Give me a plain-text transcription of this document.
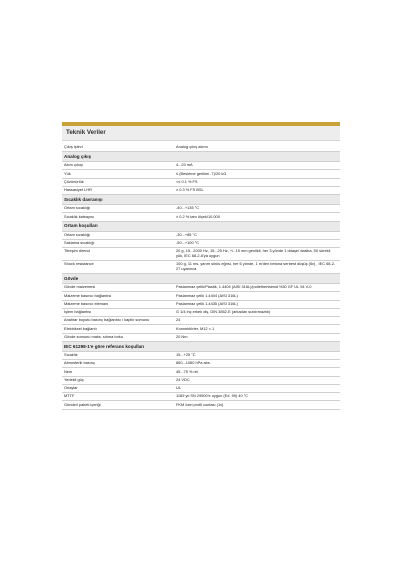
Teknik Veriler
Çıkış işlevi	Analog çıkış akımı
Analog çıkış	
Akım çıkışı	4...20 mA
Yük	≤ (Besleme gerilimi -7)/20 kΩ
Çözünürlük	<≤ 0.1 % FS
Hassasiyet LHR	± 0.3 % FS BSL
Sıcaklık davranışı	
Ortam sıcaklığı	-40...+135 °C
Sıcaklık katsayısı	± 0.2 % tam ölçek/10.000
Ortam koşulları	
Ortam sıcaklığı	-30...+85 °C
Saklama sıcaklığı	-50...+100 °C
Titreşim direnci	20 g, 15...2000 Hz, 15...25 Hz, +/- 15 mm genlikli, her 3 yönde 1 ddaşe/ dakika, 50 sürekli yük, IEC 68-2-6'ya uygun
Shock resistance	100 g, 11 ms, yarım sinüs eğrisi, her 6 yönde, 1 m'den betona serbest düşüş (5x) , IEC 68-2-27 uyarınca
Gövde	
Gövde malzemesi	Paslanmaz çelik/Plastik, 1.4404 (AISI 316L)/polietherfaimid %30 GF UL 94 V-0
Malzeme basıncı bağlantısı	Paslanmaz çelik 1.4404 (AISI 316L)
Malzeme basıncı elemanı	Paslanmaz çelik 1.4435 (AISI 316L)
İşlem bağlantısı	G 1/4 inç erkek diş, DIN 3852-E (arkadan sızdırmazlık)
Anahtar boyutu basınç bağlantısı / kaplin somunu	24
Elektriksel bağlantı	Konnektörler, M12 × 1
Gövde somunu maks. sıkma torku	20 Nm
IEC 61298-1'e göre referans koşulları	
Sıcaklık	15...+25 °C
Atmosferik basınç	860...1060 hPa abs.
Nem	45...75 % rel.
Yedekli güç	24 VDC
Onaylar	UL
MTTF	1189 yıl SN 29500'e uygun (Ed. 99) 40 °C
Gönderi paketi içeriği	FKM özel profil contası (1x)
